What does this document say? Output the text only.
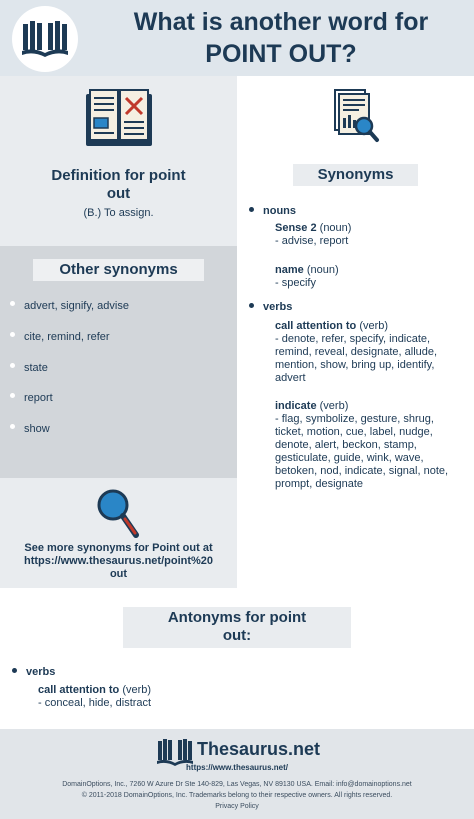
What is another word for
POINT OUT?
Definition for point
out
(B.) To assign.
Other synonyms
advert, signify, advise
cite, remind, refer
state
report
show
See more synonyms for Point out at
https://www.thesaurus.net/point%20
out
Synonyms
nouns
Sense 2 (noun)
- advise, report
name (noun)
- specify
verbs
call attention to (verb)
- denote, refer, specify, indicate,
remind, reveal, designate, allude,
mention, show, bring up, identify,
advert
indicate (verb)
- flag, symbolize, gesture, shrug,
ticket, motion, cue, label, nudge,
denote, alert, beckon, stamp,
gesticulate, guide, wink, wave,
betoken, nod, indicate, signal, note,
prompt, designate
Antonyms for point
out:
verbs
call attention to (verb)
- conceal, hide, distract
Thesaurus.net
https://www.thesaurus.net/
DomainOptions, Inc., 7260 W Azure Dr Ste 140-829, Las Vegas, NV 89130 USA. Email: info@domainoptions.net
© 2011-2018 DomainOptions, Inc. Trademarks belong to their respective owners. All rights reserved.
Privacy Policy
